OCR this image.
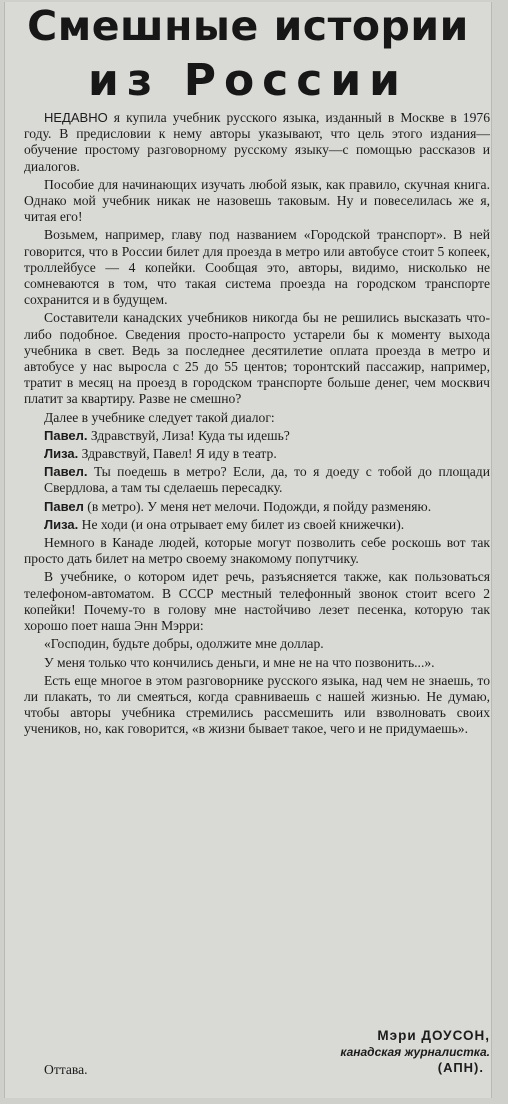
Смешные истории
из России

НЕДАВНО я купила учебник русского языка, изданный в Москве в 1976 году. В предисловии к нему авторы указывают, что цель этого издания—обучение простому разговорному русскому языку—с помощью рассказов и диалогов.

Пособие для начинающих изучать любой язык, как правило, скучная книга. Однако мой учебник никак не назовешь таковым. Ну и повеселилась же я, читая его!

Возьмем, например, главу под названием «Городской транспорт». В ней говорится, что в России билет для проезда в метро или автобусе стоит 5 копеек, троллейбусе — 4 копейки. Сообщая это, авторы, видимо, нисколько не сомневаются в том, что такая система проезда на городском транспорте сохранится и в будущем.

Составители канадских учебников никогда бы не решились высказать что-либо подобное. Сведения просто-напросто устарели бы к моменту выхода учебника в свет. Ведь за последнее десятилетие оплата проезда в метро и автобусе у нас выросла с 25 до 55 центов; торонтский пассажир, например, тратит в месяц на проезд в городском транспорте больше денег, чем москвич платит за квартиру. Разве не смешно?

Далее в учебнике следует такой диалог:

Павел. Здравствуй, Лиза! Куда ты идешь?

Лиза. Здравствуй, Павел! Я иду в театр.

Павел. Ты поедешь в метро? Если, да, то я доеду с тобой до площади Свердлова, а там ты сделаешь пересадку.

Павел (в метро). У меня нет мелочи. Подожди, я пойду разменяю.

Лиза. Не ходи (и она отрывает ему билет из своей книжечки).

Немного в Канаде людей, которые могут позволить себе роскошь вот так просто дать билет на метро своему знакомому попутчику.

В учебнике, о котором идет речь, разъясняется также, как пользоваться телефоном-автоматом. В СССР местный телефонный звонок стоит всего 2 копейки! Почему-то в голову мне настойчиво лезет песенка, которую так хорошо поет наша Энн Мэрри:

«Господин, будьте добры, одолжите мне доллар.

У меня только что кончились деньги, и мне не на что позвонить...».

Есть еще многое в этом разговорнике русского языка, над чем не знаешь, то ли плакать, то ли смеяться, когда сравниваешь с нашей жизнью. Не думаю, чтобы авторы учебника стремились рассмешить или взволновать своих учеников, но, как говорится, «в жизни бывает такое, чего и не придумаешь».

Мэри ДОУСОН,
канадская журналистка.
(АПН).
Оттава.
